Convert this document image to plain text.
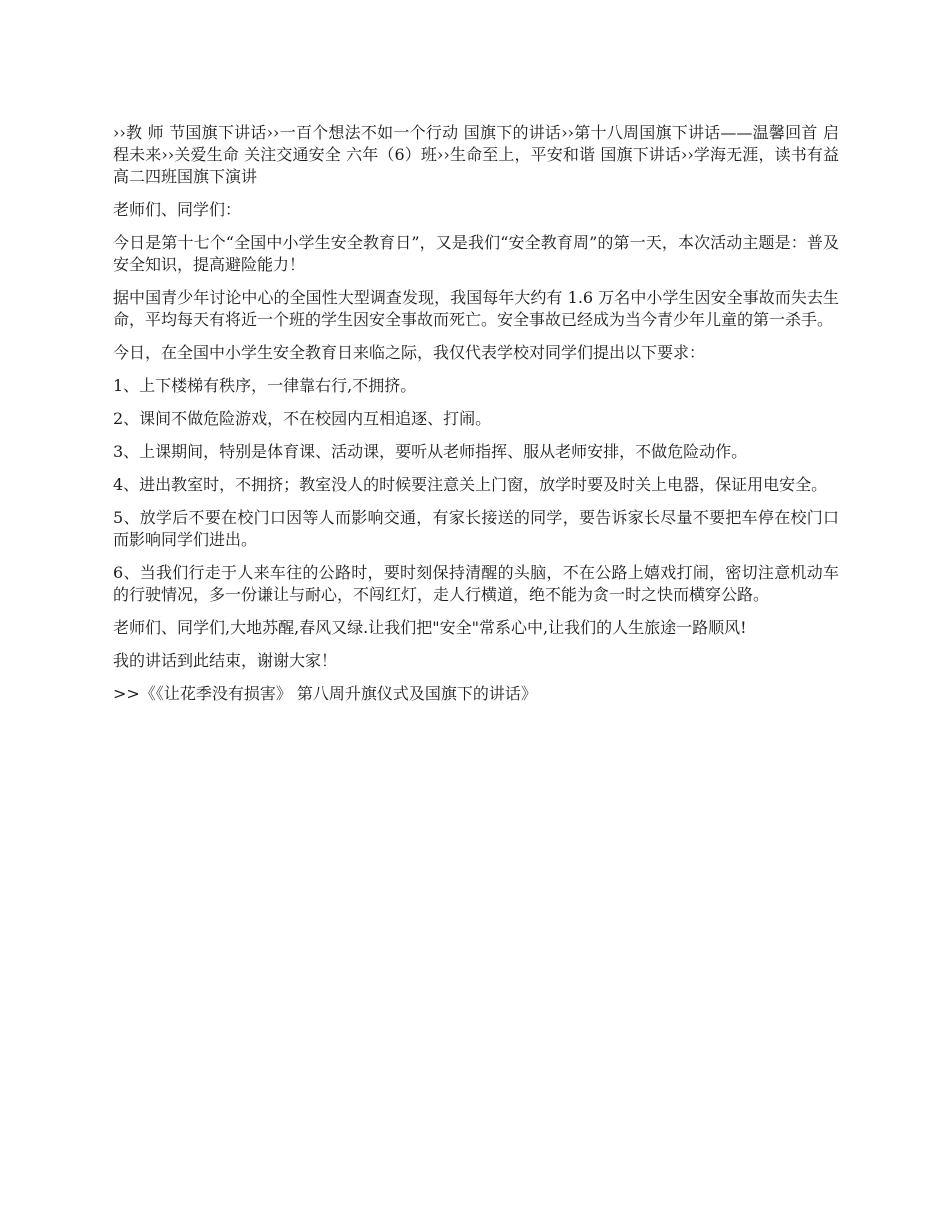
››教 师 节国旗下讲话››一百个想法不如一个行动 国旗下的讲话››第十八周国旗下讲话——温馨回首 启程未来››关爱生命 关注交通安全 六年（6）班››生命至上，平安和谐 国旗下讲话››学海无涯，读书有益 高二四班国旗下演讲

老师们、同学们：

今日是第十七个“全国中小学生安全教育日”，又是我们“安全教育周”的第一天，本次活动主题是：普及安全知识，提高避险能力！

据中国青少年讨论中心的全国性大型调查发现，我国每年大约有 1.6 万名中小学生因安全事故而失去生命，平均每天有将近一个班的学生因安全事故而死亡。安全事故已经成为当今青少年儿童的第一杀手。

今日，在全国中小学生安全教育日来临之际，我仅代表学校对同学们提出以下要求：

1、上下楼梯有秩序，一律靠右行,不拥挤。

2、课间不做危险游戏，不在校园内互相追逐、打闹。

3、上课期间，特别是体育课、活动课，要听从老师指挥、服从老师安排，不做危险动作。

4、进出教室时，不拥挤；教室没人的时候要注意关上门窗，放学时要及时关上电器，保证用电安全。

5、放学后不要在校门口因等人而影响交通，有家长接送的同学，要告诉家长尽量不要把车停在校门口而影响同学们进出。

6、当我们行走于人来车往的公路时，要时刻保持清醒的头脑，不在公路上嬉戏打闹，密切注意机动车的行驶情况，多一份谦让与耐心，不闯红灯，走人行横道，绝不能为贪一时之快而横穿公路。

老师们、同学们,大地苏醒,春风又绿.让我们把"安全"常系心中,让我们的人生旅途一路顺风!

我的讲话到此结束，谢谢大家！

>>《《让花季没有损害》 第八周升旗仪式及国旗下的讲话》
